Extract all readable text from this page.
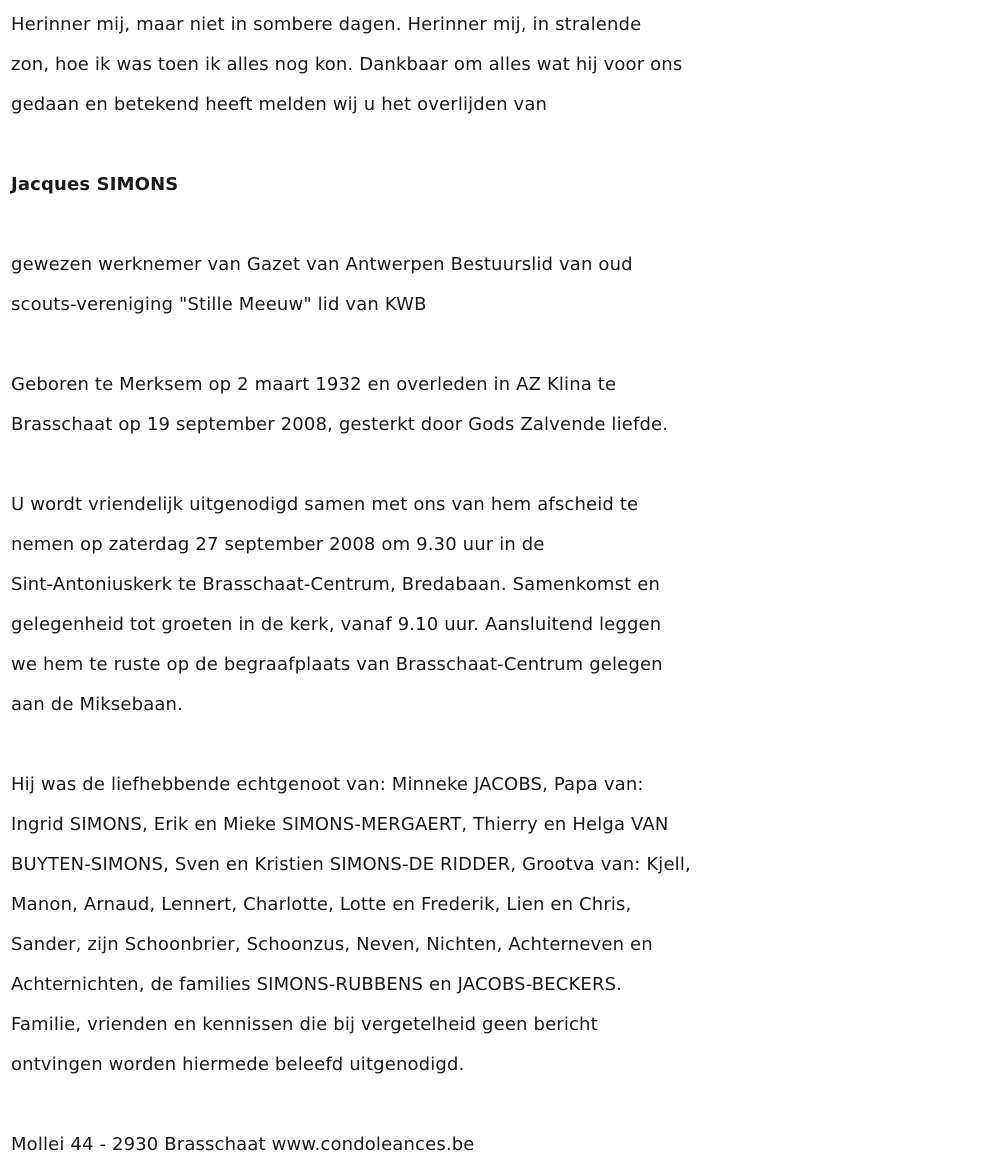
Herinner mij, maar niet in sombere dagen. Herinner mij, in stralende
zon, hoe ik was toen ik alles nog kon. Dankbaar om alles wat hij voor ons
gedaan en betekend heeft melden wij u het overlijden van
Jacques SIMONS
gewezen werknemer van Gazet van Antwerpen Bestuurslid van oud
scouts-vereniging "Stille Meeuw" lid van KWB
Geboren te Merksem op 2 maart 1932 en overleden in AZ Klina te
Brasschaat op 19 september 2008, gesterkt door Gods Zalvende liefde.
U wordt vriendelijk uitgenodigd samen met ons van hem afscheid te
nemen op zaterdag 27 september 2008 om 9.30 uur in de
Sint-Antoniuskerk te Brasschaat-Centrum, Bredabaan. Samenkomst en
gelegenheid tot groeten in de kerk, vanaf 9.10 uur. Aansluitend leggen
we hem te ruste op de begraafplaats van Brasschaat-Centrum gelegen
aan de Miksebaan.
Hij was de liefhebbende echtgenoot van: Minneke JACOBS, Papa van:
Ingrid SIMONS, Erik en Mieke SIMONS-MERGAERT, Thierry en Helga VAN
BUYTEN-SIMONS, Sven en Kristien SIMONS-DE RIDDER, Grootva van: Kjell,
Manon, Arnaud, Lennert, Charlotte, Lotte en Frederik, Lien en Chris,
Sander, zijn Schoonbrier, Schoonzus, Neven, Nichten, Achterneven en
Achternichten, de families SIMONS-RUBBENS en JACOBS-BECKERS.
Familie, vrienden en kennissen die bij vergetelheid geen bericht
ontvingen worden hiermede beleefd uitgenodigd.
Mollei 44 - 2930 Brasschaat www.condoleances.be
